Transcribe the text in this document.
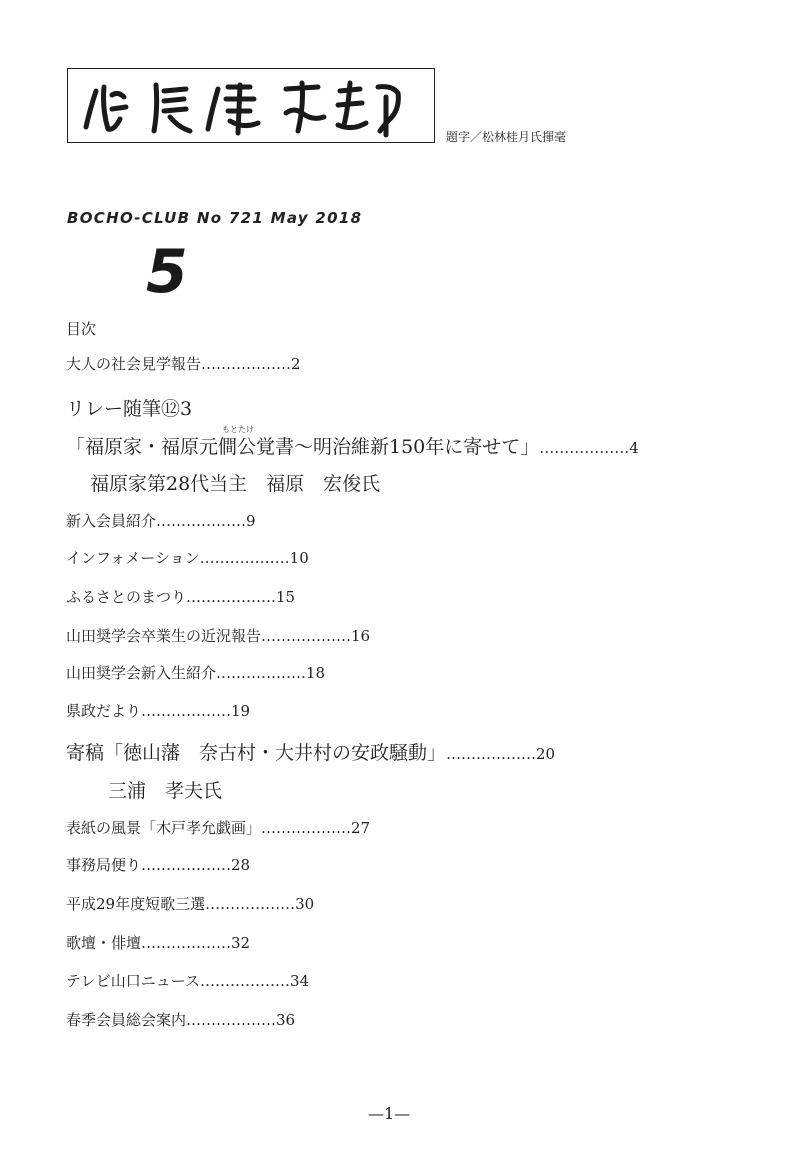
題字／松林桂月氏揮毫
BOCHO-CLUB No 721 May 2018
5
目次
大人の社会見学報告………………2
リレー随筆⑫3
もとたけ
「福原家・福原元僴公覚書〜明治維新150年に寄せて」………………4
福原家第28代当主　福原　宏俊氏
新入会員紹介………………9
インフォメーション………………10
ふるさとのまつり………………15
山田奨学会卒業生の近況報告………………16
山田奨学会新入生紹介………………18
県政だより………………19
寄稿「徳山藩　奈古村・大井村の安政騒動」………………20
三浦　孝夫氏
表紙の風景「木戸孝允戯画」………………27
事務局便り………………28
平成29年度短歌三選………………30
歌壇・俳壇………………32
テレビ山口ニュース………………34
春季会員総会案内………………36
—1—
